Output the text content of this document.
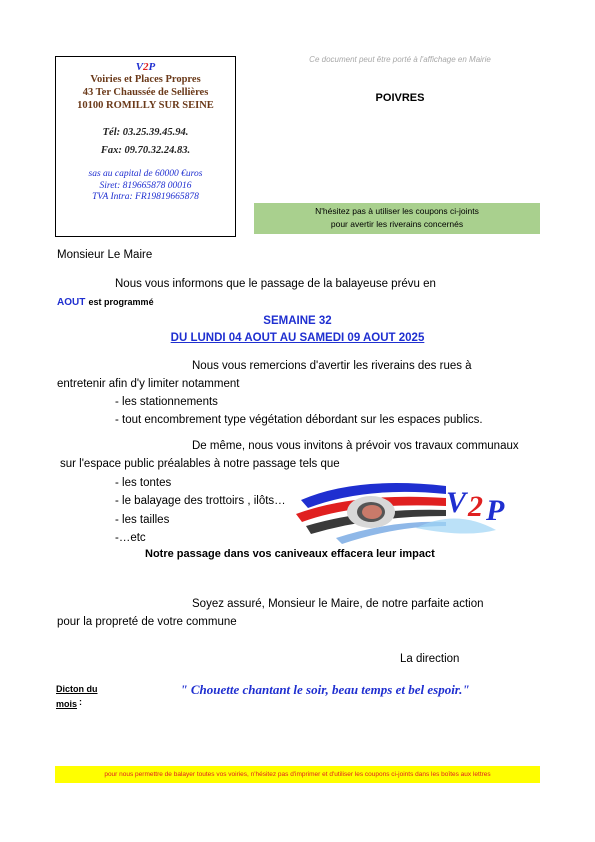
V2P
Voiries et Places Propres
43 Ter Chaussée de Sellières
10100 ROMILLY SUR SEINE
Tél: 03.25.39.45.94.
Fax: 09.70.32.24.83.
sas au capital de 60000 €uros
Siret: 819665878 00016
TVA Intra: FR19819665878
Ce document peut être porté à l'affichage en Mairie
POIVRES
N'hésitez pas à utiliser les coupons ci-joints
pour avertir les riverains concernés
Monsieur Le Maire
Nous vous informons que le passage de la balayeuse prévu en
AOUT est programmé
SEMAINE 32
DU LUNDI 04 AOUT AU SAMEDI 09 AOUT 2025
Nous vous remercions d'avertir les riverains des rues à
entretenir afin d'y limiter notamment
- les stationnements
- tout encombrement type végétation débordant sur les espaces publics.
De même, nous vous invitons à prévoir vos travaux communaux
sur l'espace public préalables à notre passage tels que
- les tontes
- le balayage des trottoirs , ilôts…
- les tailles
-…etc
Notre passage dans vos caniveaux effacera leur impact
V 2 P
Soyez assuré, Monsieur le Maire, de notre parfaite action
pour la propreté de votre commune
La direction
Dicton du
mois :
" Chouette chantant le soir, beau temps et bel espoir."
pour nous permettre de balayer toutes vos voiries, n'hésitez pas d'imprimer et d'utiliser les coupons ci-joints dans les boîtes aux lettres
